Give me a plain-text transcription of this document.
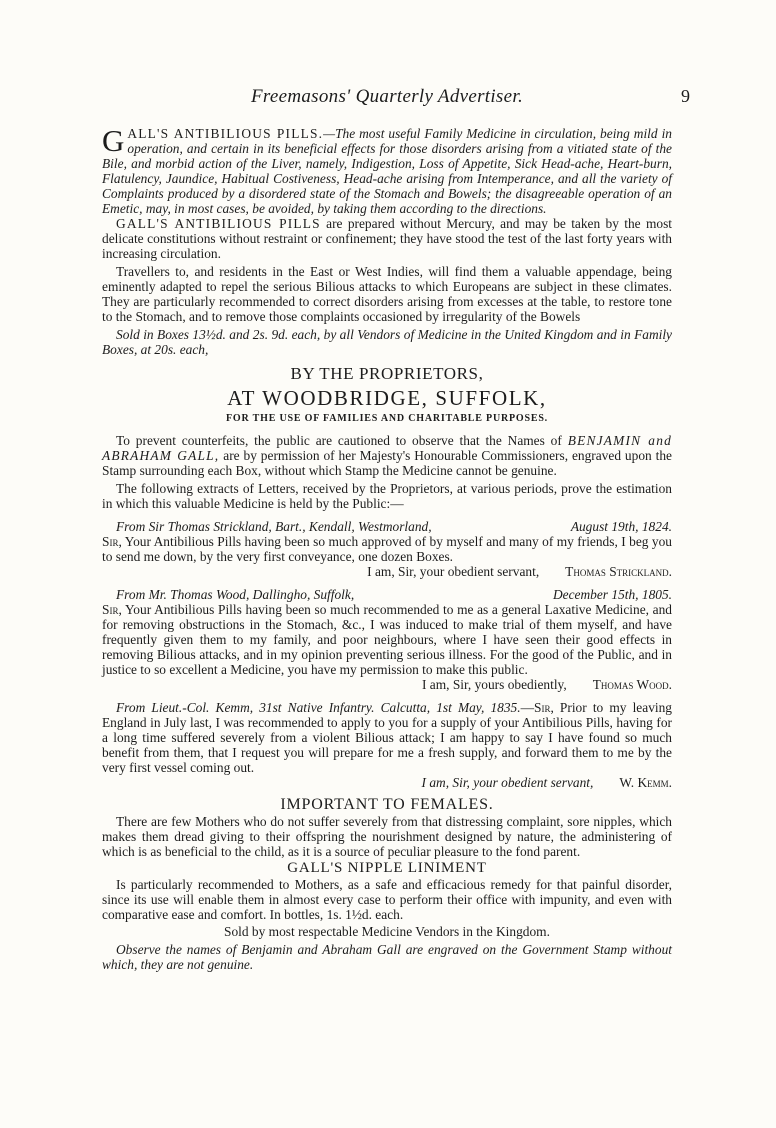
Freemasons' Quarterly Advertiser.	9

GALL'S ANTIBILIOUS PILLS.—The most useful Family Medicine in circulation, being mild in operation, and certain in its beneficial effects for those disorders arising from a vitiated state of the Bile, and morbid action of the Liver, namely, Indigestion, Loss of Appetite, Sick Head-ache, Heart-burn, Flatulency, Jaundice, Habitual Costiveness, Head-ache arising from Intemperance, and all the variety of Complaints produced by a disordered state of the Stomach and Bowels; the disagreeable operation of an Emetic, may, in most cases, be avoided, by taking them according to the directions.

GALL'S ANTIBILIOUS PILLS are prepared without Mercury, and may be taken by the most delicate constitutions without restraint or confinement; they have stood the test of the last forty years with increasing circulation.

Travellers to, and residents in the East or West Indies, will find them a valuable appendage, being eminently adapted to repel the serious Bilious attacks to which Europeans are subject in these climates. They are particularly recommended to correct disorders arising from excesses at the table, to restore tone to the Stomach, and to remove those complaints occasioned by irregularity of the Bowels

Sold in Boxes 13½d. and 2s. 9d. each, by all Vendors of Medicine in the United Kingdom and in Family Boxes, at 20s. each,

BY THE PROPRIETORS,

AT WOODBRIDGE, SUFFOLK,

FOR THE USE OF FAMILIES AND CHARITABLE PURPOSES.

To prevent counterfeits, the public are cautioned to observe that the Names of BENJAMIN and ABRAHAM GALL, are by permission of her Majesty's Honourable Commissioners, engraved upon the Stamp surrounding each Box, without which Stamp the Medicine cannot be genuine.

The following extracts of Letters, received by the Proprietors, at various periods, prove the estimation in which this valuable Medicine is held by the Public:—

From Sir Thomas Strickland, Bart., Kendall, Westmorland,	August 19th, 1824.

Sir, Your Antibilious Pills having been so much approved of by myself and many of my friends, I beg you to send me down, by the very first conveyance, one dozen Boxes.

I am, Sir, your obedient servant, Thomas Strickland.
From Mr. Thomas Wood, Dallingho, Suffolk,	December 15th, 1805.

Sir, Your Antibilious Pills having been so much recommended to me as a general Laxative Medicine, and for removing obstructions in the Stomach, &c., I was induced to make trial of them myself, and have frequently given them to my family, and poor neighbours, where I have seen their good effects in removing Bilious attacks, and in my opinion preventing serious illness. For the good of the Public, and in justice to so excellent a Medicine, you have my permission to make this public.

I am, Sir, yours obediently, Thomas Wood.

From Lieut.-Col. Kemm, 31st Native Infantry. Calcutta, 1st May, 1835.—Sir, Prior to my leaving England in July last, I was recommended to apply to you for a supply of your Antibilious Pills, having for a long time suffered severely from a violent Bilious attack; I am happy to say I have found so much benefit from them, that I request you will prepare for me a fresh supply, and forward them to me by the very first vessel coming out.

I am, Sir, your obedient servant, W. Kemm.

IMPORTANT TO FEMALES.

There are few Mothers who do not suffer severely from that distressing complaint, sore nipples, which makes them dread giving to their offspring the nourishment designed by nature, the administering of which is as beneficial to the child, as it is a source of peculiar pleasure to the fond parent.

GALL'S NIPPLE LINIMENT

Is particularly recommended to Mothers, as a safe and efficacious remedy for that painful disorder, since its use will enable them in almost every case to perform their office with impunity, and even with comparative ease and comfort. In bottles, 1s. 1½d. each.

Sold by most respectable Medicine Vendors in the Kingdom.

Observe the names of Benjamin and Abraham Gall are engraved on the Government Stamp without which, they are not genuine.
